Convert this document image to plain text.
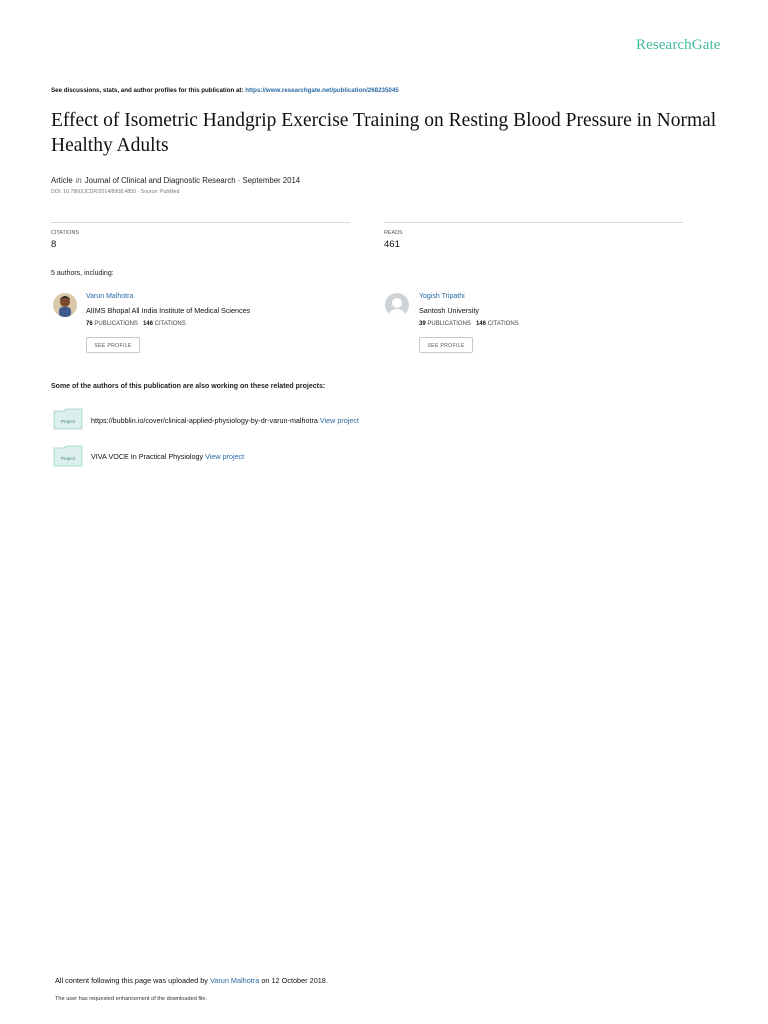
ResearchGate
See discussions, stats, and author profiles for this publication at: https://www.researchgate.net/publication/268235045
Effect of Isometric Handgrip Exercise Training on Resting Blood Pressure in Normal Healthy Adults
Article in Journal of Clinical and Diagnostic Research · September 2014
DOI: 10.7860/JCDR/2014/8908.4850 · Source: PubMed
CITATIONS
8
READS
461
5 authors, including:
Varun Malhotra
AIIMS Bhopal All India Institute of Medical Sciences
76 PUBLICATIONS 146 CITATIONS
SEE PROFILE
Yogish Tripathi
Santosh University
39 PUBLICATIONS 146 CITATIONS
SEE PROFILE
Some of the authors of this publication are also working on these related projects:
Project https://bubblin.io/cover/clinical-applied-physiology-by-dr-varun-malhotra View project
Project VIVA VOCE In Practical Physiology View project
All content following this page was uploaded by Varun Malhotra on 12 October 2018.
The user has requested enhancement of the downloaded file.
